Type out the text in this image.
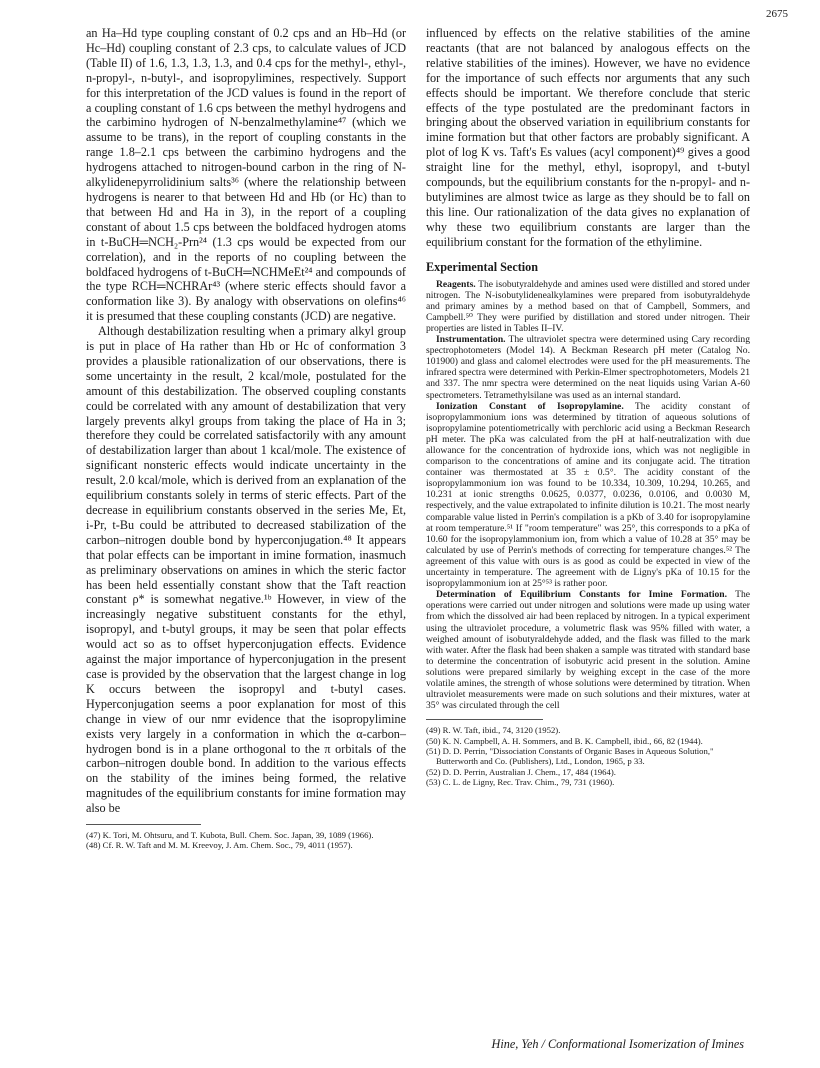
2675

an Ha–Hd type coupling constant of 0.2 cps and an Hb–Hd (or Hc–Hd) coupling constant of 2.3 cps, to calculate values of JCD (Table II) of 1.6, 1.3, 1.3, 1.3, and 0.4 cps for the methyl-, ethyl-, n-propyl-, n-butyl-, and isopropylimines, respectively. Support for this interpretation of the JCD values is found in the report of a coupling constant of 1.6 cps between the methyl hydrogens and the carbimino hydrogen of N-benzalmethylamine⁴⁷ (which we assume to be trans), in the report of coupling constants in the range 1.8–2.1 cps between the carbimino hydrogens and the hydrogens attached to nitrogen-bound carbon in the ring of N-alkylidenepyrrolidinium salts³⁶ (where the relationship between hydrogens is nearer to that between Hd and Hb (or Hc) than to that between Hd and Ha in 3), in the report of a coupling constant of about 1.5 cps between the boldfaced hydrogen atoms in t-BuCH═NCH₂-Prn²⁴ (1.3 cps would be expected from our correlation), and in the reports of no coupling between the boldfaced hydrogens of t-BuCH═NCHMeEt²⁴ and compounds of the type RCH═NCHRAr⁴³ (where steric effects should favor a conformation like 3). By analogy with observations on olefins⁴⁶ it is presumed that these coupling constants (JCD) are negative.

Although destabilization resulting when a primary alkyl group is put in place of Ha rather than Hb or Hc of conformation 3 provides a plausible rationalization of our observations, there is some uncertainty in the result, 2 kcal/mole, postulated for the amount of this destabilization. The observed coupling constants could be correlated with any amount of destabilization that very largely prevents alkyl groups from taking the place of Ha in 3; therefore they could be correlated satisfactorily with any amount of destabilization larger than about 1 kcal/mole. The existence of significant nonsteric effects would indicate uncertainty in the result, 2.0 kcal/mole, which is derived from an explanation of the equilibrium constants solely in terms of steric effects. Part of the decrease in equilibrium constants observed in the series Me, Et, i-Pr, t-Bu could be attributed to decreased stabilization of the carbon–nitrogen double bond by hyperconjugation.⁴⁸ It appears that polar effects can be important in imine formation, inasmuch as preliminary observations on amines in which the steric factor has been held essentially constant show that the Taft reaction constant ρ* is somewhat negative.¹ᵇ However, in view of the increasingly negative substituent constants for the ethyl, isopropyl, and t-butyl groups, it may be seen that polar effects would act so as to offset hyperconjugation effects. Evidence against the major importance of hyperconjugation in the present case is provided by the observation that the largest change in log K occurs between the isopropyl and t-butyl cases. Hyperconjugation seems a poor explanation for most of this change in view of our nmr evidence that the isopropylimine exists very largely in a conformation in which the α-carbon–hydrogen bond is in a plane orthogonal to the π orbitals of the carbon–nitrogen double bond. In addition to the various effects on the stability of the imines being formed, the relative magnitudes of the equilibrium constants for imine formation may also be

(47) K. Tori, M. Ohtsuru, and T. Kubota, Bull. Chem. Soc. Japan, 39, 1089 (1966).

(48) Cf. R. W. Taft and M. M. Kreevoy, J. Am. Chem. Soc., 79, 4011 (1957).

influenced by effects on the relative stabilities of the amine reactants (that are not balanced by analogous effects on the relative stabilities of the imines). However, we have no evidence for the importance of such effects nor arguments that any such effects should be important. We therefore conclude that steric effects of the type postulated are the predominant factors in bringing about the observed variation in equilibrium constants for imine formation but that other factors are probably significant. A plot of log K vs. Taft's Es values (acyl component)⁴⁹ gives a good straight line for the methyl, ethyl, isopropyl, and t-butyl compounds, but the equilibrium constants for the n-propyl- and n-butylimines are almost twice as large as they should be to fall on this line. Our rationalization of the data gives no explanation of why these two equilibrium constants are larger than the equilibrium constant for the formation of the ethylimine.

Experimental Section

Reagents. The isobutyraldehyde and amines used were distilled and stored under nitrogen. The N-isobutylidenealkylamines were prepared from isobutyraldehyde and primary amines by a method based on that of Campbell, Sommers, and Campbell.⁵⁰ They were purified by distillation and stored under nitrogen. Their properties are listed in Tables II–IV.

Instrumentation. The ultraviolet spectra were determined using Cary recording spectrophotometers (Model 14). A Beckman Research pH meter (Catalog No. 101900) and glass and calomel electrodes were used for the pH measurements. The infrared spectra were determined with Perkin-Elmer spectrophotometers, Models 21 and 337. The nmr spectra were determined on the neat liquids using Varian A-60 spectrometers. Tetramethylsilane was used as an internal standard.

Ionization Constant of Isopropylamine. The acidity constant of isopropylammonium ions was determined by titration of aqueous solutions of isopropylamine potentiometrically with perchloric acid using a Beckman Research pH meter. The pKa was calculated from the pH at half-neutralization with due allowance for the concentration of hydroxide ions, which was not negligible in comparison to the concentrations of amine and its conjugate acid. The titration container was thermostated at 35 ± 0.5°. The acidity constant of the isopropylammonium ion was found to be 10.334, 10.309, 10.294, 10.265, and 10.231 at ionic strengths 0.0625, 0.0377, 0.0236, 0.0106, and 0.0030 M, respectively, and the value extrapolated to infinite dilution is 10.21. The most nearly comparable value listed in Perrin's compilation is a pKb of 3.40 for isopropylamine at room temperature.⁵¹ If "room temperature" was 25°, this corresponds to a pKa of 10.60 for the isopropylammonium ion, from which a value of 10.28 at 35° may be calculated by use of Perrin's methods of correcting for temperature changes.⁵² The agreement of this value with ours is as good as could be expected in view of the uncertainty in temperature. The agreement with de Ligny's pKa of 10.15 for the isopropylammonium ion at 25°⁵³ is rather poor.

Determination of Equilibrium Constants for Imine Formation. The operations were carried out under nitrogen and solutions were made up using water from which the dissolved air had been replaced by nitrogen. In a typical experiment using the ultraviolet procedure, a volumetric flask was 95% filled with water, a weighed amount of isobutyraldehyde added, and the flask was filled to the mark with water. After the flask had been shaken a sample was titrated with standard base to determine the concentration of isobutyric acid present in the solution. Amine solutions were prepared similarly by weighing except in the case of the more volatile amines, the strength of whose solutions were determined by titration. When ultraviolet measurements were made on such solutions and their mixtures, water at 35° was circulated through the cell

(49) R. W. Taft, ibid., 74, 3120 (1952).

(50) K. N. Campbell, A. H. Sommers, and B. K. Campbell, ibid., 66, 82 (1944).

(51) D. D. Perrin, "Dissociation Constants of Organic Bases in Aqueous Solution," Butterworth and Co. (Publishers), Ltd., London, 1965, p 33.

(52) D. D. Perrin, Australian J. Chem., 17, 484 (1964).

(53) C. L. de Ligny, Rec. Trav. Chim., 79, 731 (1960).

Hine, Yeh / Conformational Isomerization of Imines
